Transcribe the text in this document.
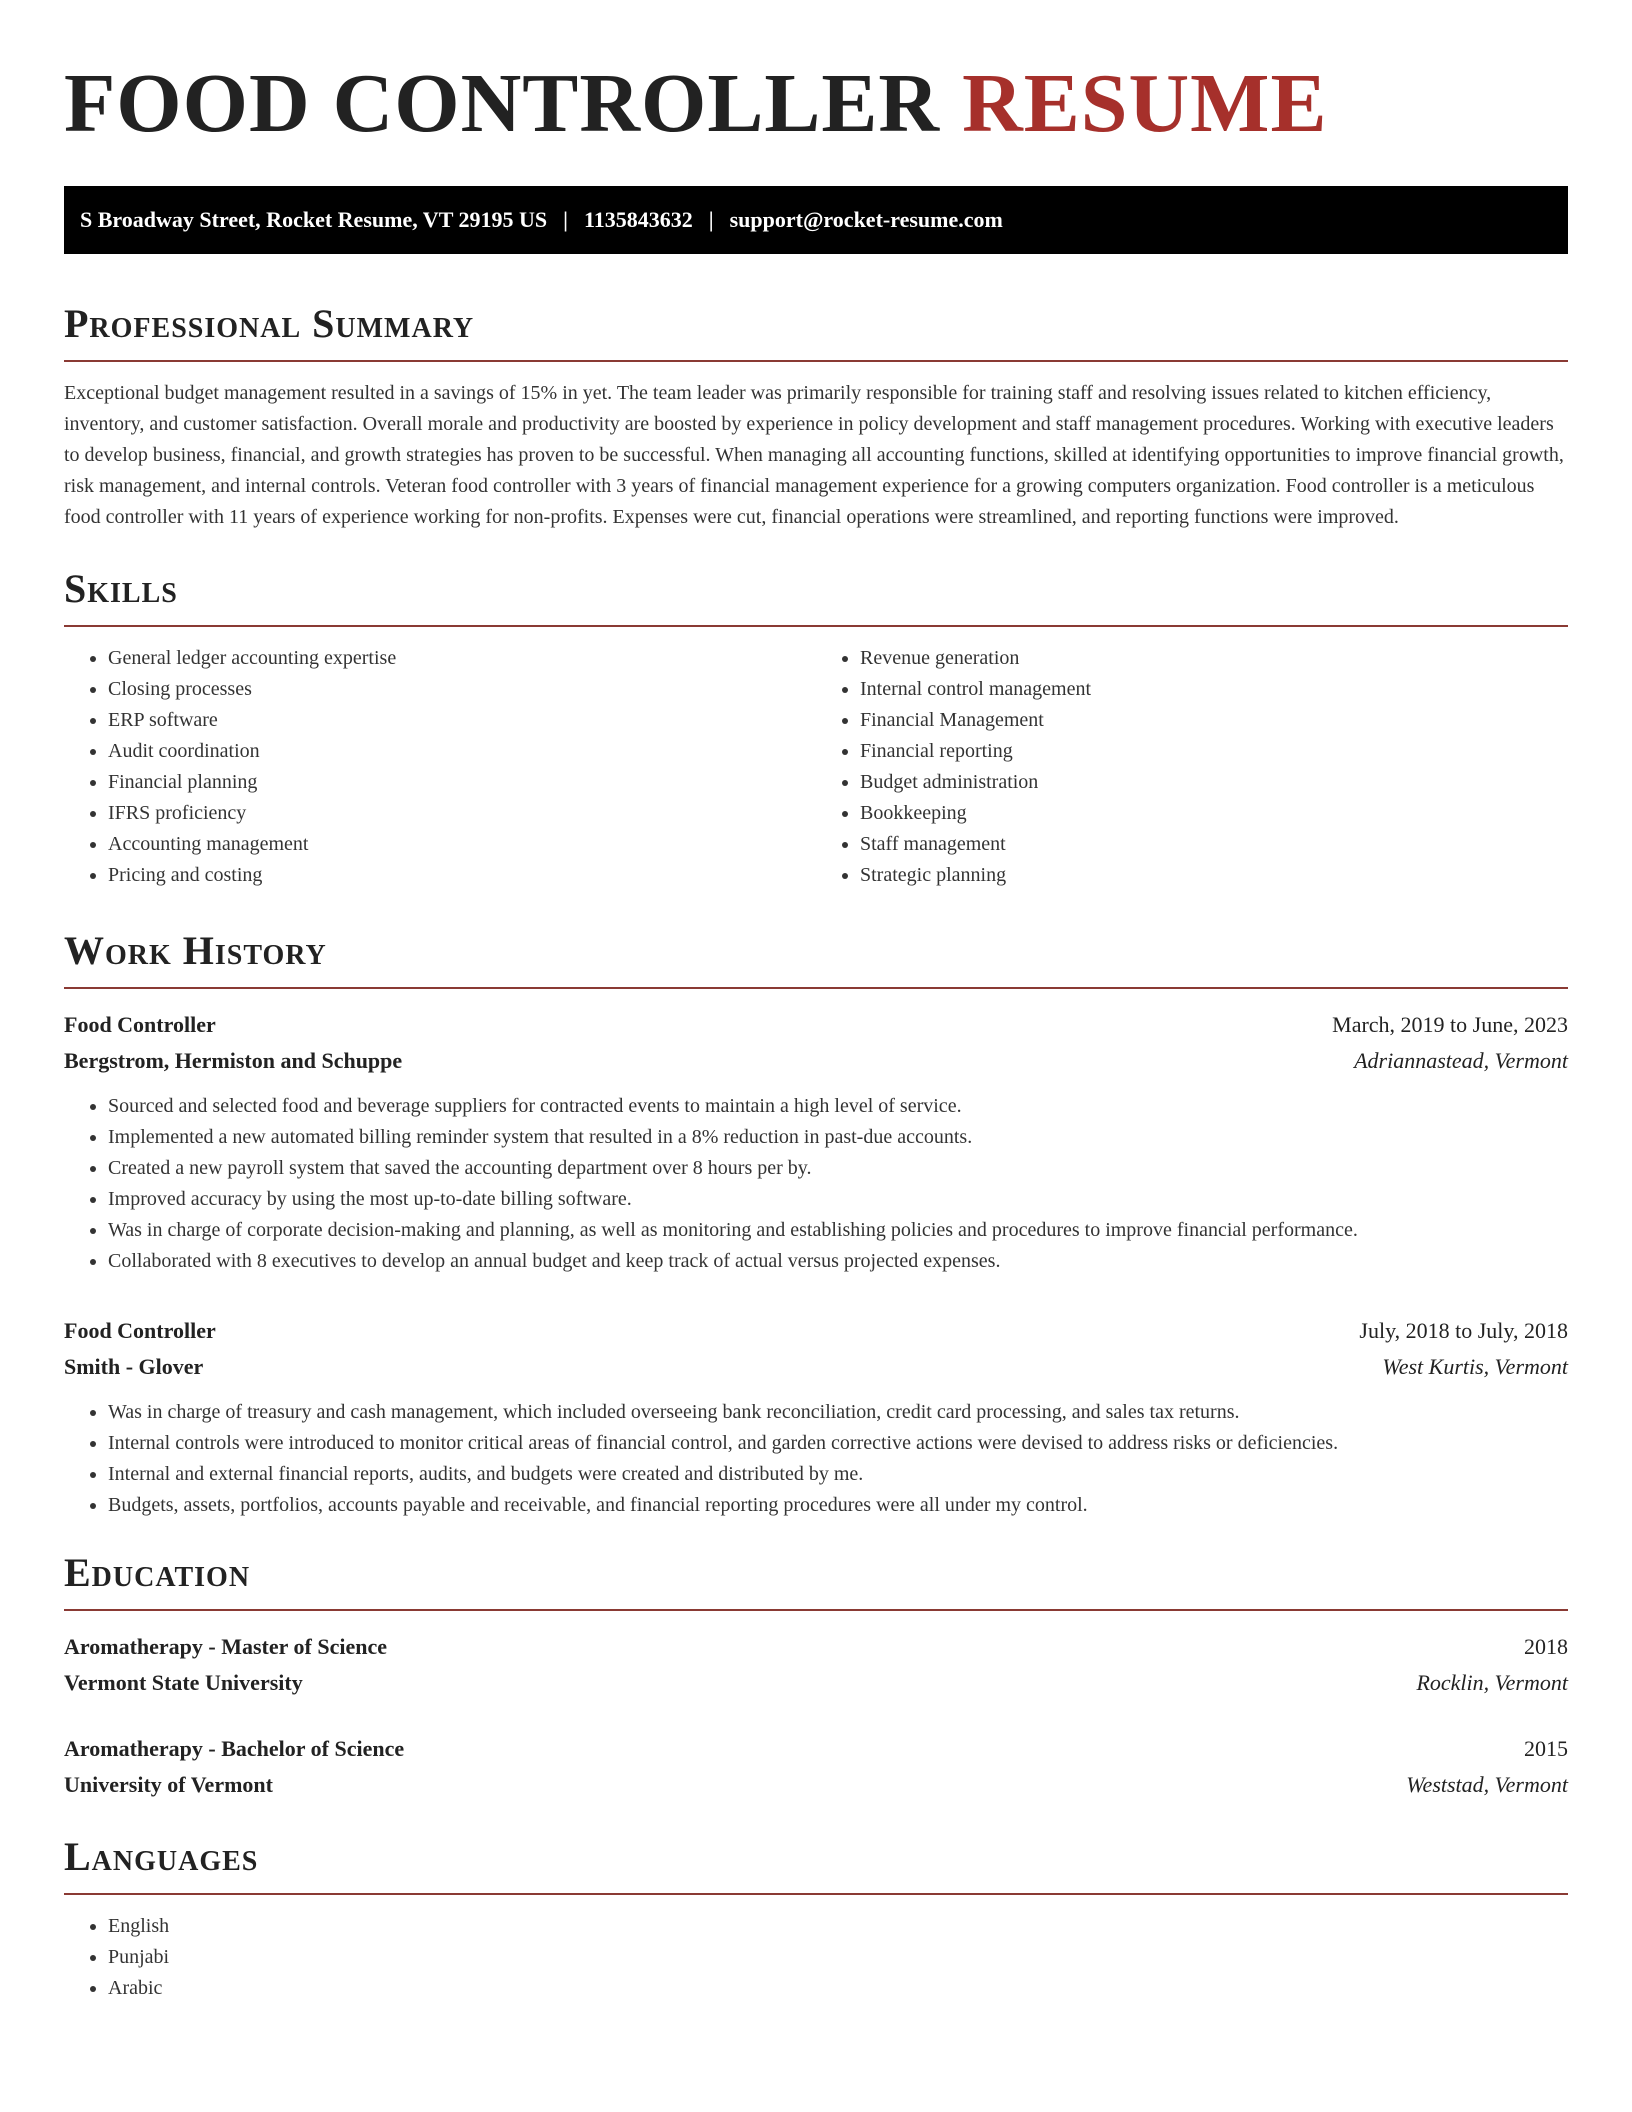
FOOD CONTROLLER RESUME
S Broadway Street, Rocket Resume, VT 29195 US | 1135843632 | support@rocket-resume.com
Professional Summary

Exceptional budget management resulted in a savings of 15% in yet. The team leader was primarily responsible for training staff and resolving issues related to kitchen efficiency, inventory, and customer satisfaction. Overall morale and productivity are boosted by experience in policy development and staff management procedures. Working with executive leaders to develop business, financial, and growth strategies has proven to be successful. When managing all accounting functions, skilled at identifying opportunities to improve financial growth, risk management, and internal controls. Veteran food controller with 3 years of financial management experience for a growing computers organization. Food controller is a meticulous food controller with 11 years of experience working for non-profits. Expenses were cut, financial operations were streamlined, and reporting functions were improved.

Skills
• General ledger accounting expertise
• Closing processes
• ERP software
• Audit coordination
• Financial planning
• IFRS proficiency
• Accounting management
• Pricing and costing
• Revenue generation
• Internal control management
• Financial Management
• Financial reporting
• Budget administration
• Bookkeeping
• Staff management
• Strategic planning
Work History
Food Controller	March, 2019 to June, 2023
Bergstrom, Hermiston and Schuppe	Adriannastead, Vermont
• Sourced and selected food and beverage suppliers for contracted events to maintain a high level of service.
• Implemented a new automated billing reminder system that resulted in a 8% reduction in past-due accounts.
• Created a new payroll system that saved the accounting department over 8 hours per by.
• Improved accuracy by using the most up-to-date billing software.
• Was in charge of corporate decision-making and planning, as well as monitoring and establishing policies and procedures to improve financial performance.
• Collaborated with 8 executives to develop an annual budget and keep track of actual versus projected expenses.
Food Controller	July, 2018 to July, 2018
Smith - Glover	West Kurtis, Vermont
• Was in charge of treasury and cash management, which included overseeing bank reconciliation, credit card processing, and sales tax returns.
• Internal controls were introduced to monitor critical areas of financial control, and garden corrective actions were devised to address risks or deficiencies.
• Internal and external financial reports, audits, and budgets were created and distributed by me.
• Budgets, assets, portfolios, accounts payable and receivable, and financial reporting procedures were all under my control.
Education
Aromatherapy - Master of Science	2018
Vermont State University	Rocklin, Vermont
Aromatherapy - Bachelor of Science	2015
University of Vermont	Weststad, Vermont
Languages
• English
• Punjabi
• Arabic
